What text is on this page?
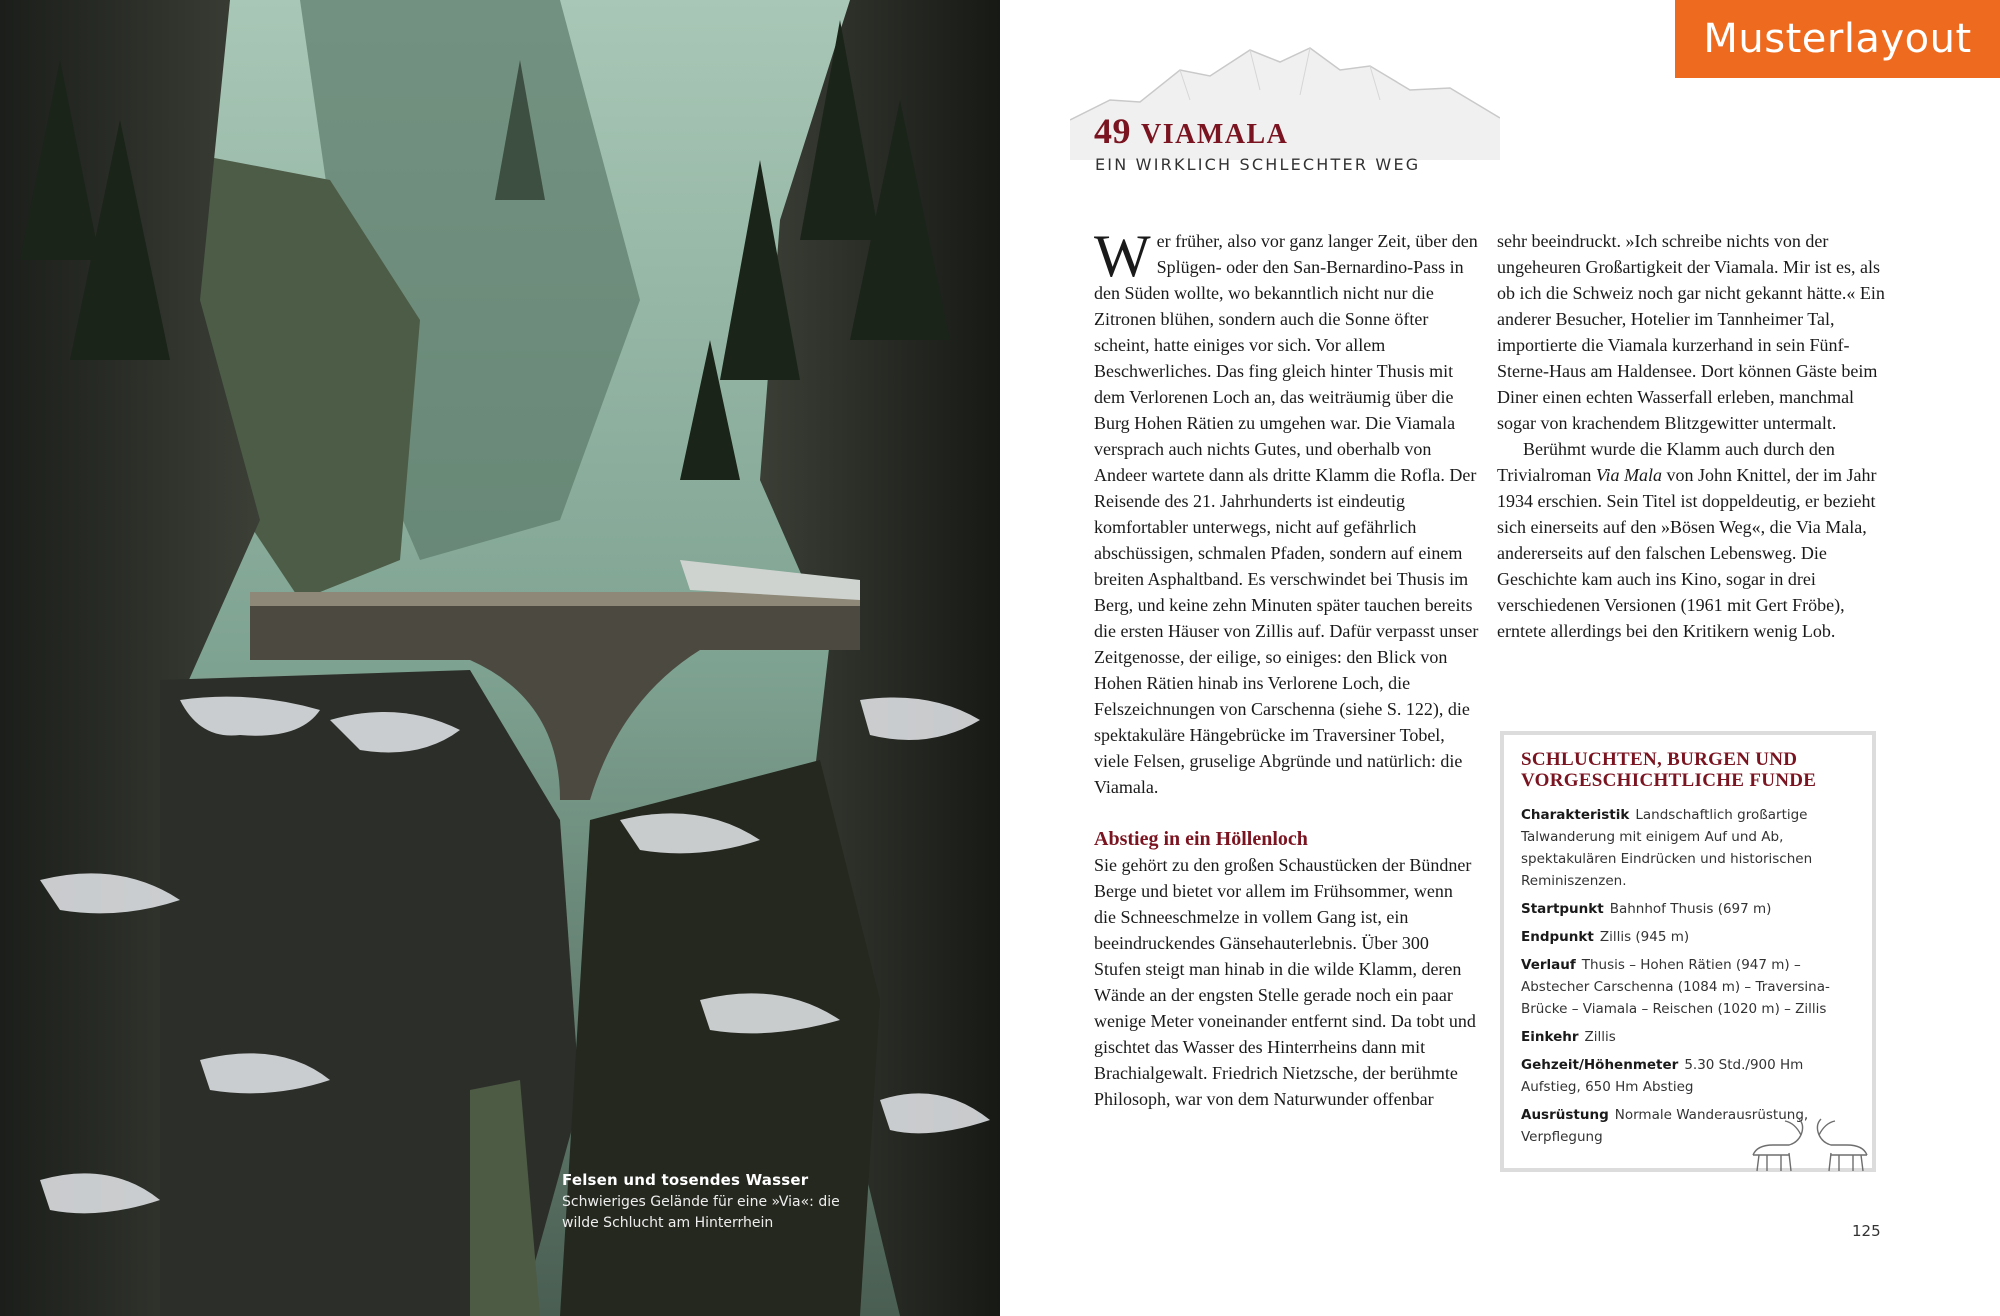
Felsen und tosendes Wasser
Schwieriges Gelände für eine »Via«: die wilde Schlucht am Hinterrhein
Musterlayout
49 VIAMALA
EIN WIRKLICH SCHLECHTER WEG

Wer früher, also vor ganz langer Zeit, über den Splügen- oder den San-Bernardino-Pass in den Süden wollte, wo bekanntlich nicht nur die Zitronen blühen, sondern auch die Sonne öfter scheint, hatte einiges vor sich. Vor allem Beschwerliches. Das fing gleich hinter Thusis mit dem Verlorenen Loch an, das weiträumig über die Burg Hohen Rätien zu umgehen war. Die Viamala versprach auch nichts Gutes, und oberhalb von Andeer wartete dann als dritte Klamm die Rofla. Der Reisende des 21. Jahrhunderts ist eindeutig komfortabler unterwegs, nicht auf gefährlich abschüssigen, schmalen Pfaden, sondern auf einem breiten Asphaltband. Es verschwindet bei Thusis im Berg, und keine zehn Minuten später tauchen bereits die ersten Häuser von Zillis auf. Dafür verpasst unser Zeitgenosse, der eilige, so einiges: den Blick von Hohen Rätien hinab ins Verlorene Loch, die Felszeichnungen von Carschenna (siehe S. 122), die spektakuläre Hängebrücke im Traversiner Tobel, viele Felsen, gruselige Abgründe und natürlich: die Viamala.

Abstieg in ein Höllenloch

Sie gehört zu den großen Schaustücken der Bündner Berge und bietet vor allem im Frühsommer, wenn die Schneeschmelze in vollem Gang ist, ein beeindruckendes Gänsehauterlebnis. Über 300 Stufen steigt man hinab in die wilde Klamm, deren Wände an der engsten Stelle gerade noch ein paar wenige Meter voneinander entfernt sind. Da tobt und gischtet das Wasser des Hinterrheins dann mit Brachialgewalt. Friedrich Nietzsche, der berühmte Philosoph, war von dem Naturwunder offenbar

sehr beeindruckt. »Ich schreibe nichts von der ungeheuren Großartigkeit der Viamala. Mir ist es, als ob ich die Schweiz noch gar nicht gekannt hätte.« Ein anderer Besucher, Hotelier im Tannheimer Tal, importierte die Viamala kurzerhand in sein Fünf-Sterne-Haus am Haldensee. Dort können Gäste beim Diner einen echten Wasserfall erleben, manchmal sogar von krachendem Blitzgewitter untermalt.

Berühmt wurde die Klamm auch durch den Trivialroman Via Mala von John Knittel, der im Jahr 1934 erschien. Sein Titel ist doppeldeutig, er bezieht sich einerseits auf den »Bösen Weg«, die Via Mala, andererseits auf den falschen Lebensweg. Die Geschichte kam auch ins Kino, sogar in drei verschiedenen Versionen (1961 mit Gert Fröbe), erntete allerdings bei den Kritikern wenig Lob.

SCHLUCHTEN, BURGEN UND
VORGESCHICHTLICHE FUNDE
Charakteristik Landschaftlich großartige Talwanderung mit einigem Auf und Ab, spektakulären Eindrücken und historischen Reminiszenzen.
Startpunkt Bahnhof Thusis (697 m)
Endpunkt Zillis (945 m)
Verlauf Thusis – Hohen Rätien (947 m) – Abstecher Carschenna (1084 m) – Traversina-Brücke – Viamala – Reischen (1020 m) – Zillis
Einkehr Zillis
Gehzeit/Höhenmeter 5.30 Std./900 Hm Aufstieg, 650 Hm Abstieg
Ausrüstung Normale Wanderausrüstung, Verpflegung
125
